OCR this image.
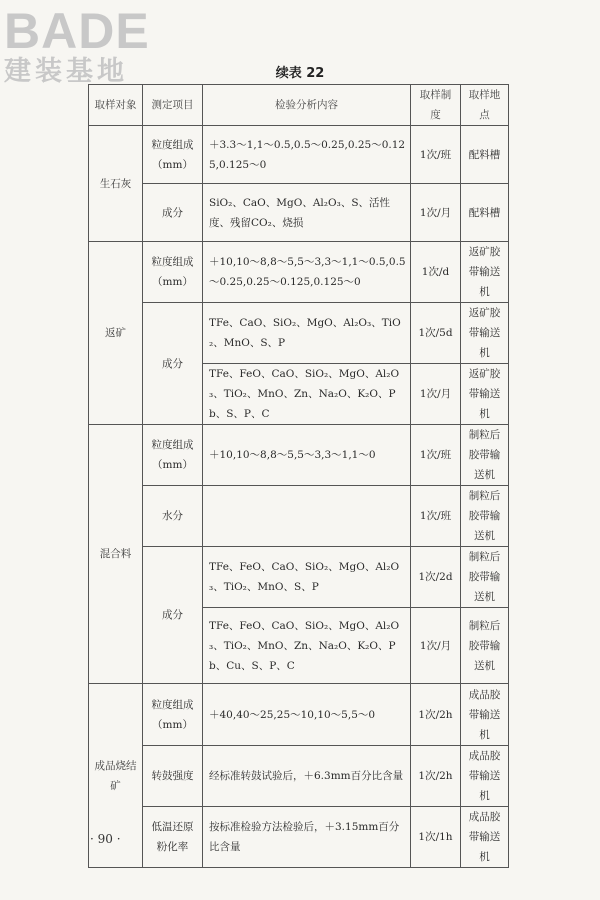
BADE
建装基地	续表 22
取样对象	测定项目	检验分析内容	取样制度	取样地点
生石灰	粒度组成（mm）	＋3.3～1,1～0.5,0.5～0.25,0.25～0.125,0.125～0	1次/班	配料槽
	成分	SiO₂、CaO、MgO、Al₂O₃、S、活性度、残留CO₂、烧损	1次/月	配料槽
返矿	粒度组成（mm）	＋10,10～8,8～5,5～3,3～1,1～0.5,0.5～0.25,0.25～0.125,0.125～0	1次/d	返矿胶带输送机
	成分	TFe、CaO、SiO₂、MgO、Al₂O₃、TiO₂、MnO、S、P	1次/5d	返矿胶带输送机
		TFe、FeO、CaO、SiO₂、MgO、Al₂O₃、TiO₂、MnO、Zn、Na₂O、K₂O、Pb、S、P、C	1次/月	返矿胶带输送机
混合料	粒度组成（mm）	＋10,10～8,8～5,5～3,3～1,1～0	1次/班	制粒后胶带输送机
	水分		1次/班	制粒后胶带输送机
	成分	TFe、FeO、CaO、SiO₂、MgO、Al₂O₃、TiO₂、MnO、S、P	1次/2d	制粒后胶带输送机
		TFe、FeO、CaO、SiO₂、MgO、Al₂O₃、TiO₂、MnO、Zn、Na₂O、K₂O、Pb、Cu、S、P、C	1次/月	制粒后胶带输送机
成品烧结矿	粒度组成（mm）	＋40,40～25,25～10,10～5,5～0	1次/2h	成品胶带输送机
	转鼓强度	经标准转鼓试验后，＋6.3mm百分比含量	1次/2h	成品胶带输送机
	低温还原粉化率	按标准检验方法检验后，＋3.15mm百分比含量	1次/1h	成品胶带输送机
· 90 ·
